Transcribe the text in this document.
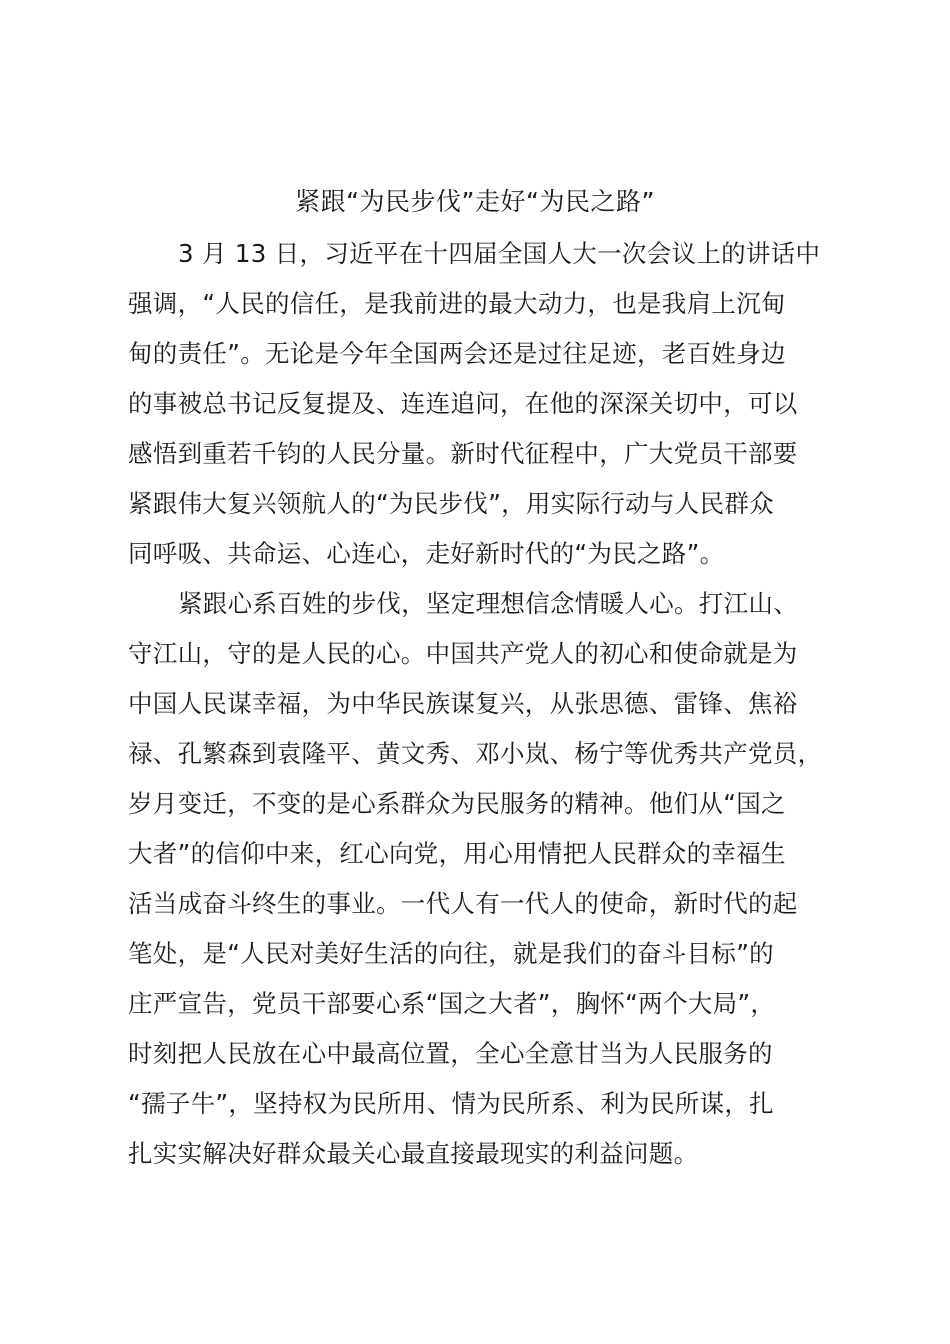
紧跟“为民步伐”走好“为民之路”
3 月 13 日，习近平在十四届全国人大一次会议上的讲话中
强调，“人民的信任，是我前进的最大动力，也是我肩上沉甸
甸的责任”。无论是今年全国两会还是过往足迹，老百姓身边
的事被总书记反复提及、连连追问，在他的深深关切中，可以
感悟到重若千钧的人民分量。新时代征程中，广大党员干部要
紧跟伟大复兴领航人的“为民步伐”，用实际行动与人民群众
同呼吸、共命运、心连心，走好新时代的“为民之路”。
紧跟心系百姓的步伐，坚定理想信念情暖人心。打江山、
守江山，守的是人民的心。中国共产党人的初心和使命就是为
中国人民谋幸福，为中华民族谋复兴，从张思德、雷锋、焦裕
禄、孔繁森到袁隆平、黄文秀、邓小岚、杨宁等优秀共产党员，
岁月变迁，不变的是心系群众为民服务的精神。他们从“国之
大者”的信仰中来，红心向党，用心用情把人民群众的幸福生
活当成奋斗终生的事业。一代人有一代人的使命，新时代的起
笔处，是“人民对美好生活的向往，就是我们的奋斗目标”的
庄严宣告，党员干部要心系“国之大者”，胸怀“两个大局”，
时刻把人民放在心中最高位置，全心全意甘当为人民服务的
“孺子牛”，坚持权为民所用、情为民所系、利为民所谋，扎
扎实实解决好群众最关心最直接最现实的利益问题。
